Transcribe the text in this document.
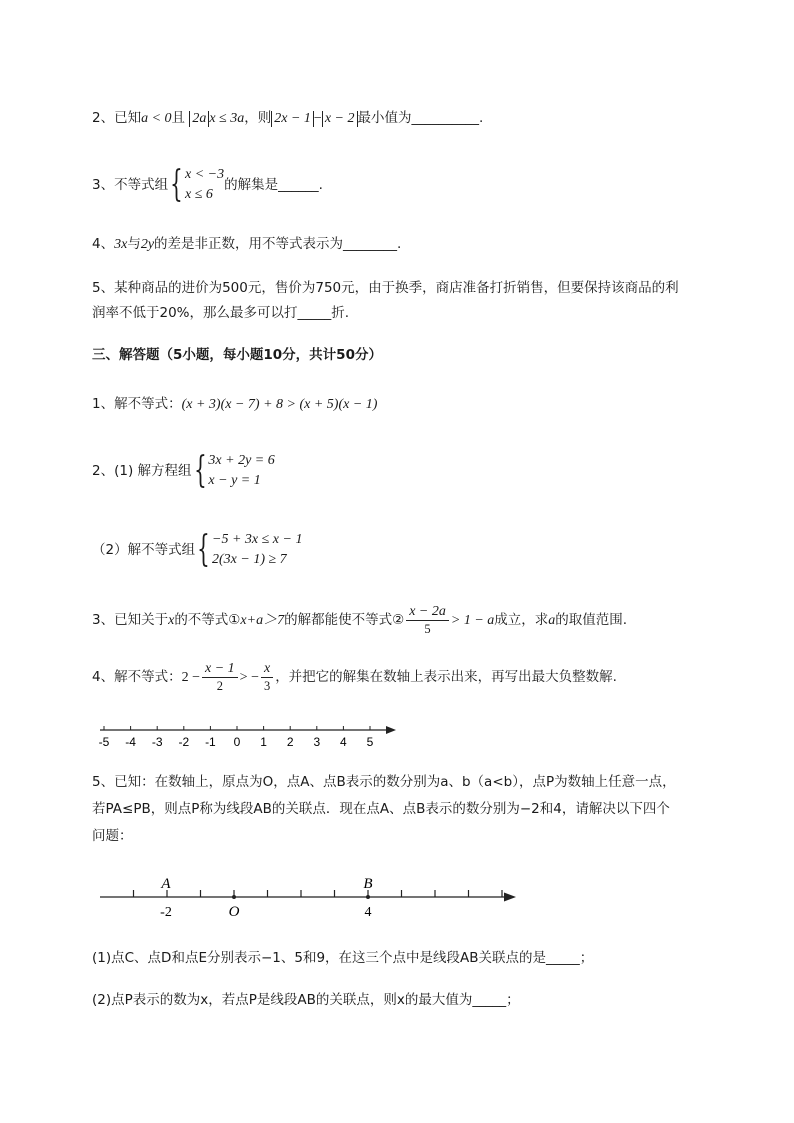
2、已知a < 0且 2a x ≤ 3a，则 2x − 1 − x − 2 最小值为__________.
3、不等式组{ x < −3
x ≤ 6
的解集是______.
4、3x与2y的差是非正数，用不等式表示为________.
5、某种商品的进价为500元，售价为750元，由于换季，商店准备打折销售，但要保持该商品的利
润率不低于20%，那么最多可以打_____折.
三、解答题（5小题，每小题10分，共计50分）
1、解不等式：(x + 3)(x − 7) + 8 > (x + 5)(x − 1)
2、(1) 解方程组{ 3x + 2y = 6
x − y = 1
（2）解不等式组{ −5 + 3x ≤ x − 1
2(3x − 1) ≥ 7
3、已知关于x的不等式①x+a＞7的解都能使不等式② $\frac{x - 2a}{5} > 1 - a$成立，求a的取值范围.
4、解不等式：$2 - \frac{x - 1}{2}$ > − $\frac{x}{3}$ ，并把它的解集在数轴上表示出来，再写出最大负整数解.
-5 -4 -3 -2 -1 0 1 2 3 4 5
5、已知：在数轴上，原点为O，点A、点B表示的数分别为a、b（a<b），点P为数轴上任意一点，
若PA≤PB，则点P称为线段AB的关联点．现在点A、点B表示的数分别为−2和4，请解决以下四个
问题：
A	B
-2	O	4
(1)点C、点D和点E分别表示−1、5和9，在这三个点中是线段AB关联点的是_____；
(2)点P表示的数为x，若点P是线段AB的关联点，则x的最大值为_____；
